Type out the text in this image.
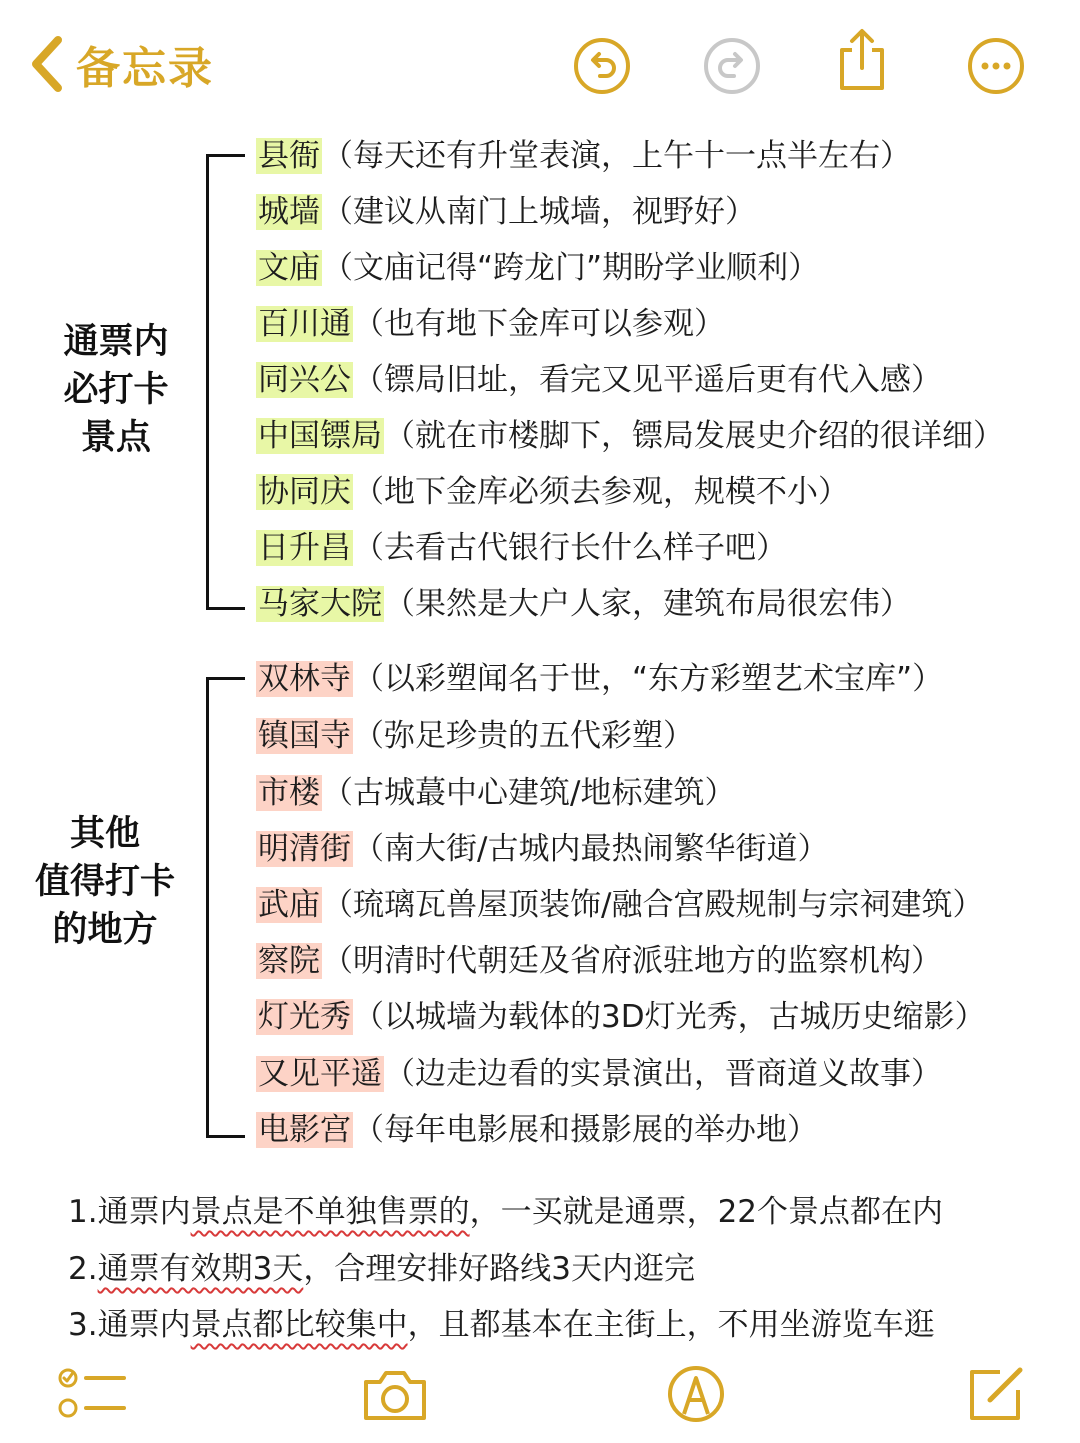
备忘录
通票内
必打卡
景点
县衙（每天还有升堂表演，上午十一点半左右）
城墙（建议从南门上城墙，视野好）
文庙（文庙记得“跨龙门”期盼学业顺利）
百川通（也有地下金库可以参观）
同兴公（镖局旧址，看完又见平遥后更有代入感）
中国镖局（就在市楼脚下，镖局发展史介绍的很详细）
协同庆（地下金库必须去参观，规模不小）
日升昌（去看古代银行长什么样子吧）
马家大院（果然是大户人家，建筑布局很宏伟）
其他
值得打卡
的地方
双林寺（以彩塑闻名于世，“东方彩塑艺术宝库”）
镇国寺（弥足珍贵的五代彩塑）
市楼（古城蕞中心建筑/地标建筑）
明清街（南大街/古城内最热闹繁华街道）
武庙（琉璃瓦兽屋顶装饰/融合宫殿规制与宗祠建筑）
察院（明清时代朝廷及省府派驻地方的监察机构）
灯光秀（以城墙为载体的3D灯光秀，古城历史缩影）
又见平遥（边走边看的实景演出，晋商道义故事）
电影宫（每年电影展和摄影展的举办地）
1.通票内景点是不单独售票的，一买就是通票，22个景点都在内
2.通票有效期3天，合理安排好路线3天内逛完
3.通票内景点都比较集中，且都基本在主街上，不用坐游览车逛
